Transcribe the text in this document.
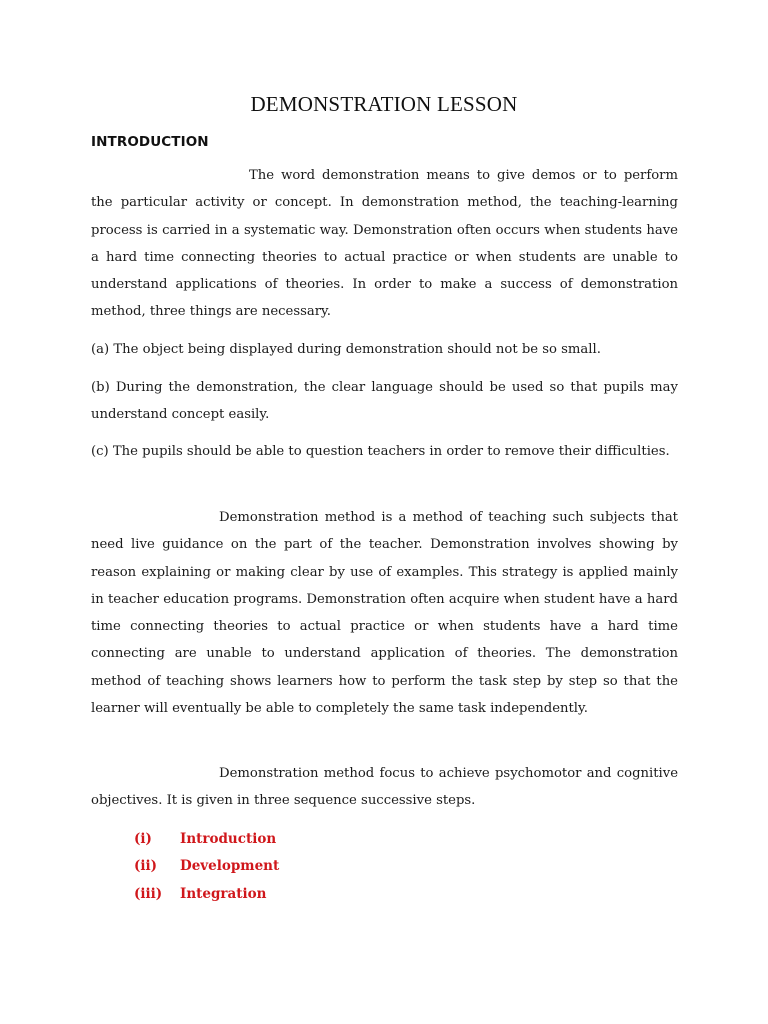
DEMONSTRATION LESSON
INTRODUCTION

The word demonstration means to give demos or to perform the particular activity or concept. In demonstration method, the teaching-learning process is carried in a systematic way. Demonstration often occurs when students have a hard time connecting theories to actual practice or when students are unable to understand applications of theories. In order to make a success of demonstration method, three things are necessary.

(a) The object being displayed during demonstration should not be so small.

(b) During the demonstration, the clear language should be used so that pupils may understand concept easily.

(c) The pupils should be able to question teachers in order to remove their difficulties.

Demonstration method is a method of teaching such subjects that need live guidance on the part of the teacher. Demonstration involves showing by reason explaining or making clear by use of examples. This strategy is applied mainly in teacher education programs. Demonstration often acquire when student have a hard time connecting theories to actual practice or when students have a hard time connecting are unable to understand application of theories. The demonstration method of teaching shows learners how to perform the task step by step so that the learner will eventually be able to completely the same task independently.

Demonstration method focus to achieve psychomotor and cognitive objectives. It is given in three sequence successive steps.

(i)	Introduction
(ii)	Development
(iii)	Integration
